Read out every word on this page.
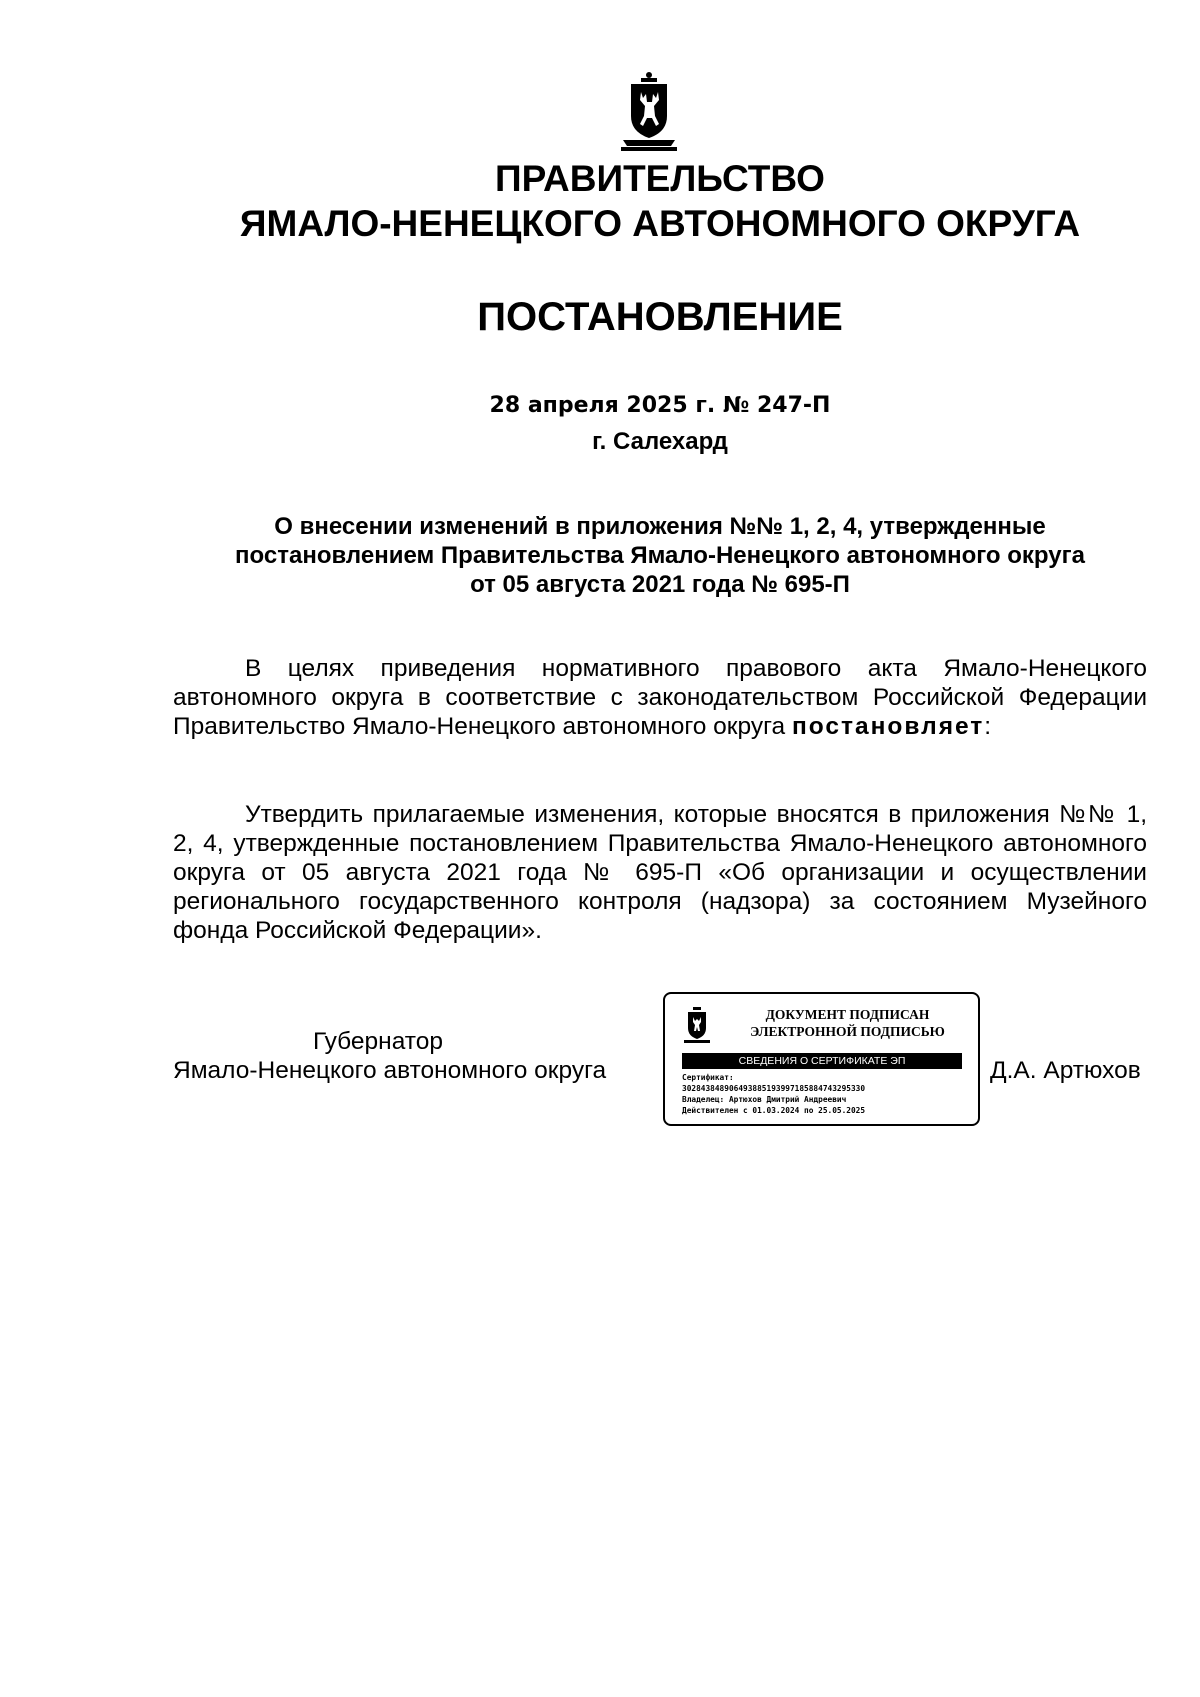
ПРАВИТЕЛЬСТВО
ЯМАЛО-НЕНЕЦКОГО АВТОНОМНОГО ОКРУГА
ПОСТАНОВЛЕНИЕ
28 апреля 2025 г. № 247-П
г. Салехард
О внесении изменений в приложения №№ 1, 2, 4, утвержденные
постановлением Правительства Ямало-Ненецкого автономного округа
от 05 августа 2021 года № 695-П
В целях приведения нормативного правового акта Ямало-Ненецкого автономного округа в соответствие с законодательством Российской Федерации Правительство Ямало-Ненецкого автономного округа постановляет:
Утвердить прилагаемые изменения, которые вносятся в приложения №№ 1, 2, 4, утвержденные постановлением Правительства Ямало-Ненецкого автономного округа от 05 августа 2021 года № 695-П «Об организации и осуществлении регионального государственного контроля (надзора) за состоянием Музейного фонда Российской Федерации».
Губернатор
Ямало-Ненецкого автономного округа
ДОКУМЕНТ ПОДПИСАН
ЭЛЕКТРОННОЙ ПОДПИСЬЮ
СВЕДЕНИЯ О СЕРТИФИКАТЕ ЭП
Сертификат:
302843848906493885193997185884743295330
Владелец: Артюхов Дмитрий Андреевич
Действителен с 01.03.2024 по 25.05.2025
Д.А. Артюхов
